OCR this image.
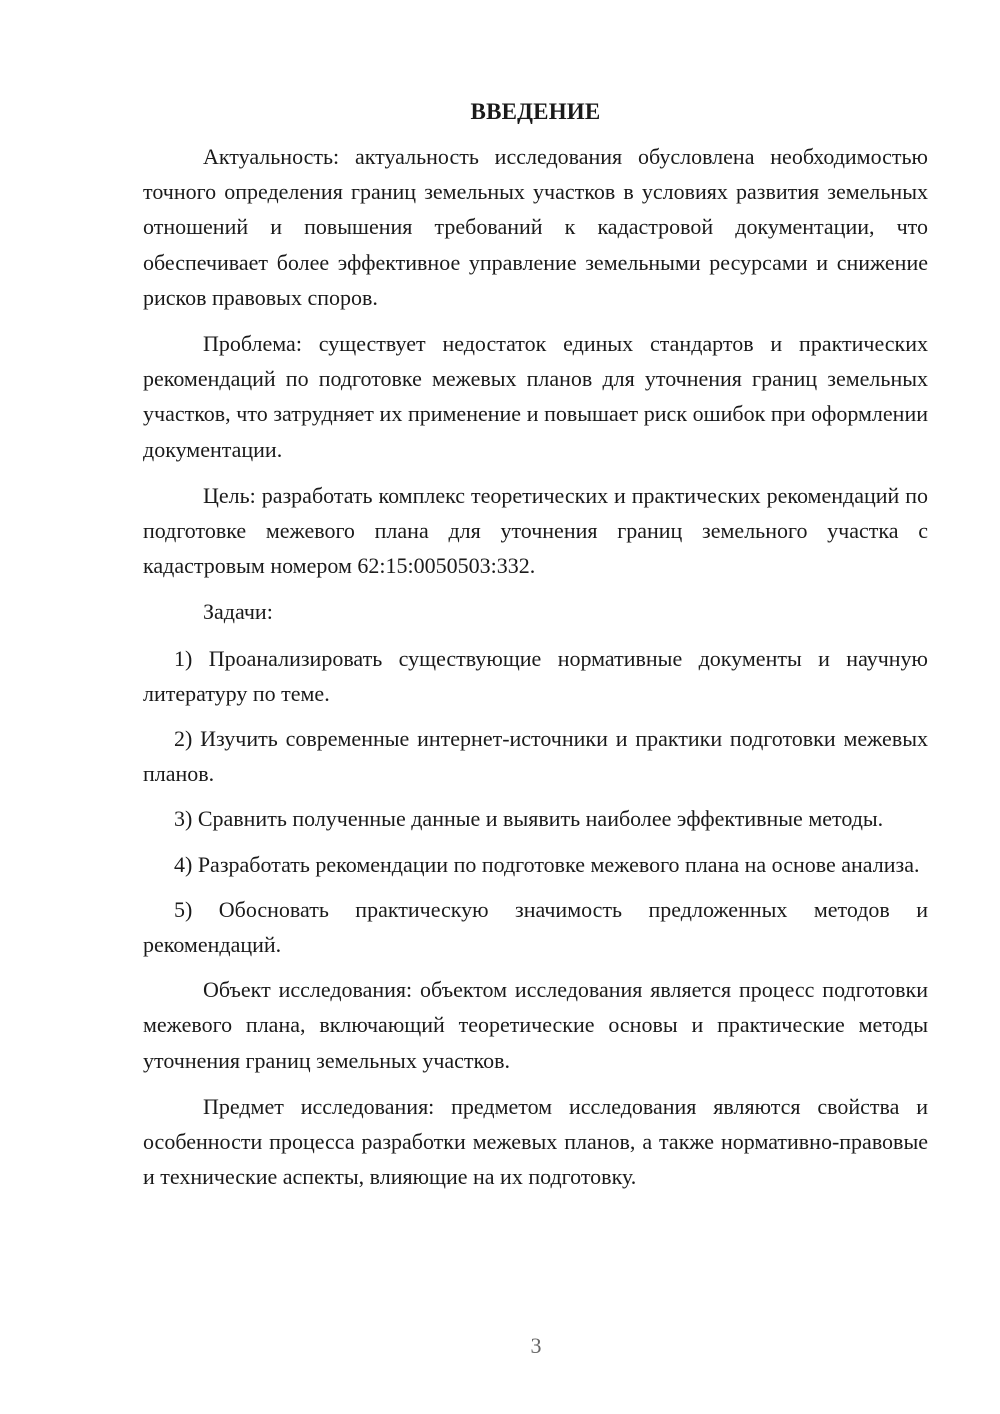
ВВЕДЕНИЕ

Актуальность: актуальность исследования обусловлена необходимостью точного определения границ земельных участков в условиях развития земельных отношений и повышения требований к кадастровой документации, что обеспечивает более эффективное управление земельными ресурсами и снижение рисков правовых споров.

Проблема: существует недостаток единых стандартов и практических рекомендаций по подготовке межевых планов для уточнения границ земельных участков, что затрудняет их применение и повышает риск ошибок при оформлении документации.

Цель: разработать комплекс теоретических и практических рекомендаций по подготовке межевого плана для уточнения границ земельного участка с кадастровым номером 62:15:0050503:332.

Задачи:

1) Проанализировать существующие нормативные документы и научную литературу по теме.

2) Изучить современные интернет-источники и практики подготовки межевых планов.

3) Сравнить полученные данные и выявить наиболее эффективные методы.

4) Разработать рекомендации по подготовке межевого плана на основе анализа.

5) Обосновать практическую значимость предложенных методов и рекомендаций.

Объект исследования: объектом исследования является процесс подготовки межевого плана, включающий теоретические основы и практические методы уточнения границ земельных участков.

Предмет исследования: предметом исследования являются свойства и особенности процесса разработки межевых планов, а также нормативно-правовые и технические аспекты, влияющие на их подготовку.

3
